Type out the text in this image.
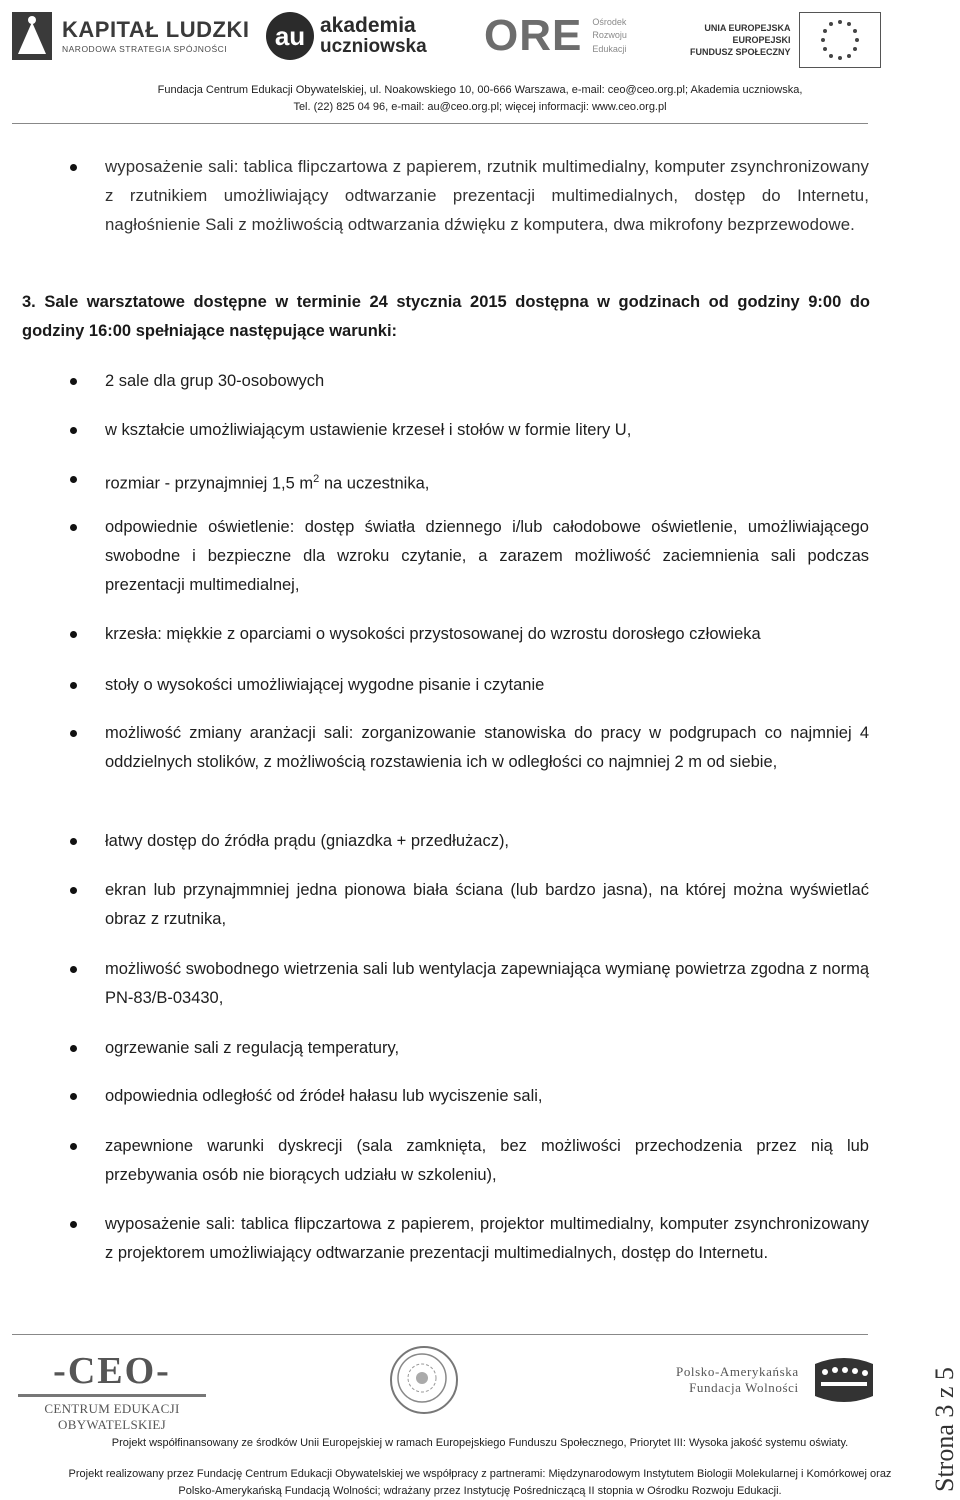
KAPITAŁ LUDZKI
NARODOWA STRATEGIA SPÓJNOŚCI	au akademia
uczniowska ORE Ośrodek
Rozwoju
Edukacji
UNIA EUROPEJSKA
EUROPEJSKI
FUNDUSZ SPOŁECZNY
Fundacja Centrum Edukacji Obywatelskiej, ul. Noakowskiego 10, 00-666 Warszawa, e-mail: ceo@ceo.org.pl; Akademia uczniowska,
Tel. (22) 825 04 96, e-mail: au@ceo.org.pl; więcej informacji: www.ceo.org.pl
wyposażenie sali: tablica flipczartowa z papierem, rzutnik multimedialny, komputer zsynchronizowany z rzutnikiem umożliwiający odtwarzanie prezentacji multimedialnych, dostęp do Internetu, nagłośnienie Sali z możliwością odtwarzania dźwięku z komputera, dwa mikrofony bezprzewodowe.
3. Sale warsztatowe dostępne w terminie 24 stycznia 2015 dostępna w godzinach od godziny 9:00 do godziny 16:00 spełniające następujące warunki:
2 sale dla grup 30-osobowych
w kształcie umożliwiającym ustawienie krzeseł i stołów w formie litery U,
rozmiar - przynajmniej 1,5 $m^2$ na uczestnika,
odpowiednie oświetlenie: dostęp światła dziennego i/lub całodobowe oświetlenie, umożliwiającego swobodne i bezpieczne dla wzroku czytanie, a zarazem możliwość zaciemnienia sali podczas prezentacji multimedialnej,
krzesła: miękkie z oparciami o wysokości przystosowanej do wzrostu dorosłego człowieka
stoły o wysokości umożliwiającej wygodne pisanie i czytanie
możliwość zmiany aranżacji sali: zorganizowanie stanowiska do pracy w podgrupach co najmniej 4 oddzielnych stolików, z możliwością rozstawienia ich w odległości co najmniej 2 m od siebie,
łatwy dostęp do źródła prądu (gniazdka + przedłużacz),
ekran lub przynajmmniej jedna pionowa biała ściana (lub bardzo jasna), na której można wyświetlać obraz z rzutnika,
możliwość swobodnego wietrzenia sali lub wentylacja zapewniająca wymianę powietrza zgodna z normą PN-83/B-03430,
ogrzewanie sali z regulacją temperatury,
odpowiednia odległość od źródeł hałasu lub wyciszenie sali,
zapewnione warunki dyskrecji (sala zamknięta, bez możliwości przechodzenia przez nią lub przebywania osób nie biorących udziału w szkoleniu),
wyposażenie sali: tablica flipczartowa z papierem, projektor multimedialny, komputer zsynchronizowany z projektorem umożliwiający odtwarzanie prezentacji multimedialnych, dostęp do Internetu.
-CEO-
CENTRUM EDUKACJI OBYWATELSKIEJ
Polsko-Amerykańska
Fundacja Wolności
Projekt współfinansowany ze środków Unii Europejskiej w ramach Europejskiego Funduszu Społecznego, Priorytet III: Wysoka jakość systemu oświaty.
Projekt realizowany przez Fundację Centrum Edukacji Obywatelskiej we współpracy z partnerami: Międzynarodowym Instytutem Biologii Molekularnej i Komórkowej oraz
Polsko-Amerykańską Fundacją Wolności; wdrażany przez Instytucję Pośredniczącą II stopnia w Ośrodku Rozwoju Edukacji.	Strona 3 z 5
